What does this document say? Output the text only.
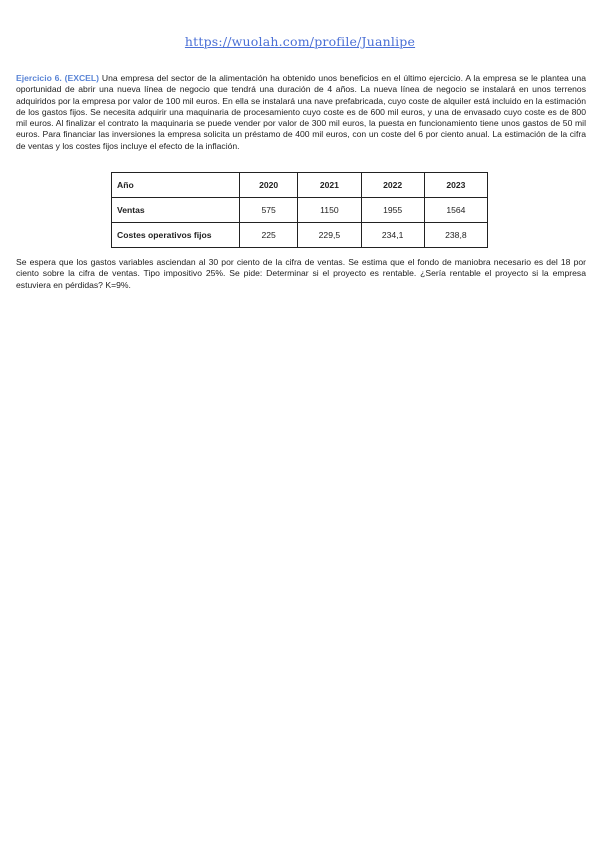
https://wuolah.com/profile/Juanlipe

Ejercicio 6. (EXCEL) Una empresa del sector de la alimentación ha obtenido unos beneficios en el último ejercicio. A la empresa se le plantea una oportunidad de abrir una nueva línea de negocio que tendrá una duración de 4 años. La nueva línea de negocio se instalará en unos terrenos adquiridos por la empresa por valor de 100 mil euros. En ella se instalará una nave prefabricada, cuyo coste de alquiler está incluido en la estimación de los gastos fijos. Se necesita adquirir una maquinaria de procesamiento cuyo coste es de 600 mil euros, y una de envasado cuyo coste es de 800 mil euros. Al finalizar el contrato la maquinaria se puede vender por valor de 300 mil euros, la puesta en funcionamiento tiene unos gastos de 50 mil euros. Para financiar las inversiones la empresa solicita un préstamo de 400 mil euros, con un coste del 6 por ciento anual. La estimación de la cifra de ventas y los costes fijos incluye el efecto de la inflación.

Año	2020	2021	2022	2023
Ventas	575	1150	1955	1564
Costes operativos fijos	225	229,5	234,1	238,8

Se espera que los gastos variables asciendan al 30 por ciento de la cifra de ventas. Se estima que el fondo de maniobra necesario es del 18 por ciento sobre la cifra de ventas. Tipo impositivo 25%. Se pide: Determinar si el proyecto es rentable. ¿Sería rentable el proyecto si la empresa estuviera en pérdidas? K=9%.
